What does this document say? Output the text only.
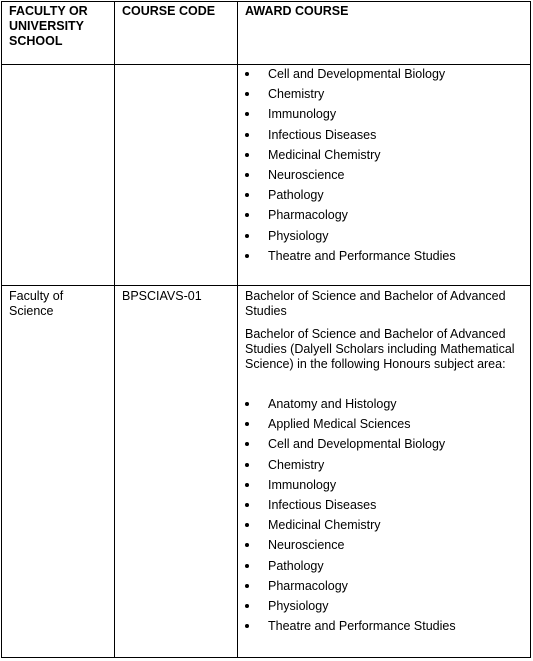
FACULTY OR UNIVERSITY SCHOOL

COURSE CODE	AWARD COURSE

Cell and Developmental Biology
Chemistry
Immunology
Infectious Diseases
Medicinal Chemistry
Neuroscience
Pathology
Pharmacology
Physiology
Theatre and Performance Studies

Faculty of Science

BPSCIAVS-01	Bachelor of Science and Bachelor of Advanced Studies

Bachelor of Science and Bachelor of Advanced Studies (Dalyell Scholars including Mathematical Science) in the following Honours subject area:

Anatomy and Histology
Applied Medical Sciences
Cell and Developmental Biology
Chemistry
Immunology
Infectious Diseases
Medicinal Chemistry
Neuroscience
Pathology
Pharmacology
Physiology
Theatre and Performance Studies
